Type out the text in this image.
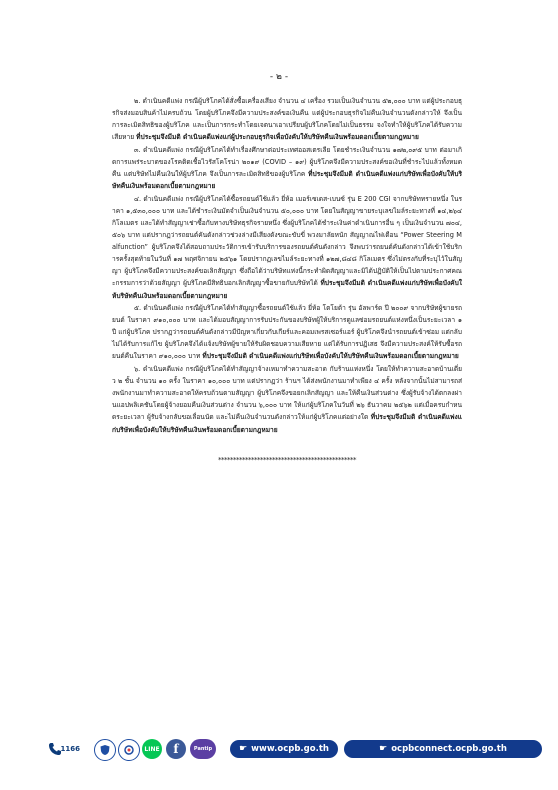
- ๒ -

๒. ดำเนินคดีแพ่ง กรณีผู้บริโภคได้สั่งซื้อเครื่องเสียง จำนวน ๔ เครื่อง รวมเป็นเงินจำนวน ๕๒,๐๐๐ บาท แต่ผู้ประกอบธุรกิจส่งมอบสินค้าไม่ครบถ้วน โดยผู้บริโภคจึงมีความประสงค์ขอเงินคืน แต่ผู้ประกอบธุรกิจไม่คืนเงินจำนวนดังกล่าวให้ จึงเป็นการละเมิดสิทธิของผู้บริโภค และเป็นการกระทำโดยเจตนาเอาเปรียบผู้บริโภคโดยไม่เป็นธรรม จงใจทำให้ผู้บริโภคได้รับความเสียหาย ที่ประชุมจึงมีมติ ดำเนินคดีแพ่งแก่ผู้ประกอบธุรกิจเพื่อบังคับให้บริษัทคืนเงินพร้อมดอกเบี้ยตามกฎหมาย

๓. ดำเนินคดีแพ่ง กรณีผู้บริโภคได้ทำเรื่องศึกษาต่อประเทศออสเตรเลีย โดยชำระเงินจำนวน ๑๗๒,๐๙๕ บาท ต่อมาเกิดการแพร่ระบาดของโรคติดเชื้อไวรัสโคโรน่า ๒๐๑๙ (COVID – ๑๙) ผู้บริโภคจึงมีความประสงค์ขอเงินที่ชำระไปแล้วทั้งหมดคืน แต่บริษัทไม่คืนเงินให้ผู้บริโภค จึงเป็นการละเมิดสิทธิของผู้บริโภค ที่ประชุมจึงมีมติ ดำเนินคดีแพ่งแก่บริษัทเพื่อบังคับให้บริษัทคืนเงินพร้อมดอกเบี้ยตามกฎหมาย

๔. ดำเนินคดีแพ่ง กรณีผู้บริโภคได้ซื้อรถยนต์ใช้แล้ว ยี่ห้อ เมอร์เซเดส-เบนซ์ รุ่น E 200 CGI จากบริษัททรายหนึ่ง ในราคา ๑,๕๓๐,๐๐๐ บาท และได้ชำระเงินมัดจำเป็นเงินจำนวน ๕๐,๐๐๐ บาท โดยในสัญญาขายระบุเลขไมล์ระยะทางที่ ๑๔,๒๖๔ กิโลเมตร และได้ทำสัญญาเช่าซื้อกับทางบริษัทธุรกิจรายหนึ่ง ซึ่งผู้บริโภคได้ชำระเงินค่าดำเนินการอื่น ๆ เป็นเงินจำนวน ๗๐๔,๕๐๖ บาท แต่ปรากฏว่ารถยนต์คันดังกล่าวช่วงล่างมีเสียงดังขณะขับขี่ พวงมาลัยหนัก สัญญาณไฟเตือน “Power Steering Malfunction” ผู้บริโภคจึงได้สอบถามประวัติการเข้ารับบริการของรถยนต์คันดังกล่าว จึงพบว่ารถยนต์คันดังกล่าวได้เข้าใช้บริการครั้งสุดท้ายในวันที่ ๑๗ พฤศจิกายน ๒๕๖๑ โดยปรากฏเลขไมล์ระยะทางที่ ๑๒๗,๘๔๘ กิโลเมตร ซึ่งไม่ตรงกับที่ระบุไว้ในสัญญา ผู้บริโภคจึงมีความประสงค์ขอเลิกสัญญา ซึ่งถือได้ว่าบริษัทแห่งนี้กระทำผิดสัญญาและมิได้ปฏิบัติให้เป็นไปตามประกาศคณะกรรมการว่าด้วยสัญญา ผู้บริโภคมีสิทธิบอกเลิกสัญญาซื้อขายกับบริษัทได้ ที่ประชุมจึงมีมติ ดำเนินคดีแพ่งแก่บริษัทเพื่อบังคับให้บริษัทคืนเงินพร้อมดอกเบี้ยตามกฎหมาย

๕. ดำเนินคดีแพ่ง กรณีผู้บริโภคได้ทำสัญญาซื้อรถยนต์ใช้แล้ว ยี่ห้อ โตโยต้า รุ่น อัลพาร์ด ปี ๒๐๐๙ จากบริษัทผู้ขายรถยนต์ ในราคา ๙๑๐,๐๐๐ บาท และได้มอบสัญญาการรับประกันของบริษัทผู้ให้บริการดูแลซ่อมรถยนต์แห่งหนึ่งเป็นระยะเวลา ๑ ปี แก่ผู้บริโภค ปรากฏว่ารถยนต์คันดังกล่าวมีปัญหาเกี่ยวกับเกียร์และคอมเพรสเซอร์แอร์ ผู้บริโภคจึงนำรถยนต์เข้าซ่อม แต่กลับไม่ได้รับการแก้ไข ผู้บริโภคจึงได้แจ้งบริษัทผู้ขายให้รับผิดชอบความเสียหาย แต่ได้รับการปฏิเสธ จึงมีความประสงค์ให้รับซื้อรถยนต์คืนในราคา ๙๑๐,๐๐๐ บาท ที่ประชุมจึงมีมติ ดำเนินคดีแพ่งแก่บริษัทเพื่อบังคับให้บริษัทคืนเงินพร้อมดอกเบี้ยตามกฎหมาย

๖. ดำเนินคดีแพ่ง กรณีผู้บริโภคได้ทำสัญญาจ้างเหมาทำความสะอาด กับร้านแห่งหนึ่ง โดยให้ทำความสะอาดบ้านเดี่ยว ๒ ชั้น จำนวน ๑๐ ครั้ง ในราคา ๑๐,๐๐๐ บาท แต่ปรากฏว่า ร้านฯ ได้ส่งพนักงานมาทำเพียง ๔ ครั้ง หลังจากนั้นไม่สามารถส่งพนักงานมาทำความสะอาดให้ครบถ้วนตามสัญญา ผู้บริโภคจึงขอยกเลิกสัญญา และให้คืนเงินส่วนต่าง ซึ่งผู้รับจ้างได้ตกลงผ่านแอปพลิเคชันโดยผู้จ้างยอมคืนเงินส่วนต่าง จำนวน ๖,๐๐๐ บาท ให้แก่ผู้บริโภคในวันที่ ๒๖ ธันวาคม ๒๕๖๒ แต่เมื่อครบกำหนดระยะเวลา ผู้รับจ้างกลับขอเลื่อนนัด และไม่คืนเงินจำนวนดังกล่าวให้แก่ผู้บริโภคแต่อย่างใด ที่ประชุมจึงมีมติ ดำเนินคดีแพ่งแก่บริษัทเพื่อบังคับให้บริษัทคืนเงินพร้อมดอกเบี้ยตามกฎหมาย

**********************************************
1166	LINE	f	Pantip	☛ www.ocpb.go.th	☛ ocpbconnect.ocpb.go.th
